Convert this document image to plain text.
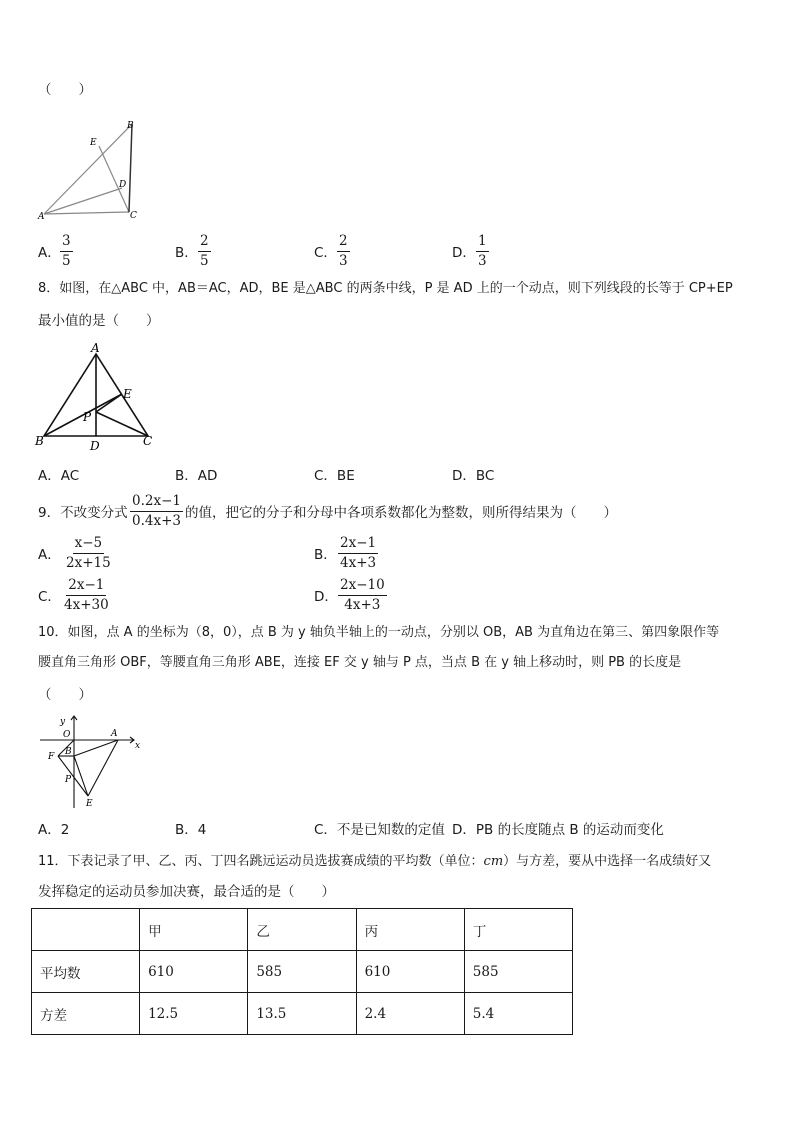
（　　）
B
E
D
A	C
A． $\frac{3}{5}$	B． $\frac{2}{5}$	C． $\frac{2}{3}$	D． $\frac{1}{3}$
8．如图，在△ABC 中，AB＝AC，AD，BE 是△ABC 的两条中线，P 是 AD 上的一个动点，则下列线段的长等于 CP+EP
最小值的是（　　）
A
E
P
B	D	C
A．AC	B．AD	C．BE	D．BC
9．不改变分式 $\frac{0.2x-1}{0.4x+3}$ 的值，把它的分子和分母中各项系数都化为整数，则所得结果为（　　）
A． $\frac{x-5}{2x+15}$	B． $\frac{2x-1}{4x+3}$
C． $\frac{2x-1}{4x+30}$	D． $\frac{2x-10}{4x+3}$
10．如图，点 A 的坐标为（8，0），点 B 为 y 轴负半轴上的一动点，分别以 OB，AB 为直角边在第三、第四象限作等
腰直角三角形 OBF，等腰直角三角形 ABE，连接 EF 交 y 轴与 P 点，当点 B 在 y 轴上移动时，则 PB 的长度是
（　　）
y
x
O	A
B
F
P
E
A．2	B．4	C．不是已知数的定值 D．PB 的长度随点 B 的运动而变化
11．下表记录了甲、乙、丙、丁四名跳远运动员选拔赛成绩的平均数（单位：cm）与方差，要从中选择一名成绩好又
发挥稳定的运动员参加决赛，最合适的是（　　）
	甲	乙	丙	丁
平均数	610	585	610	585
方差	12.5	13.5	2.4	5.4
